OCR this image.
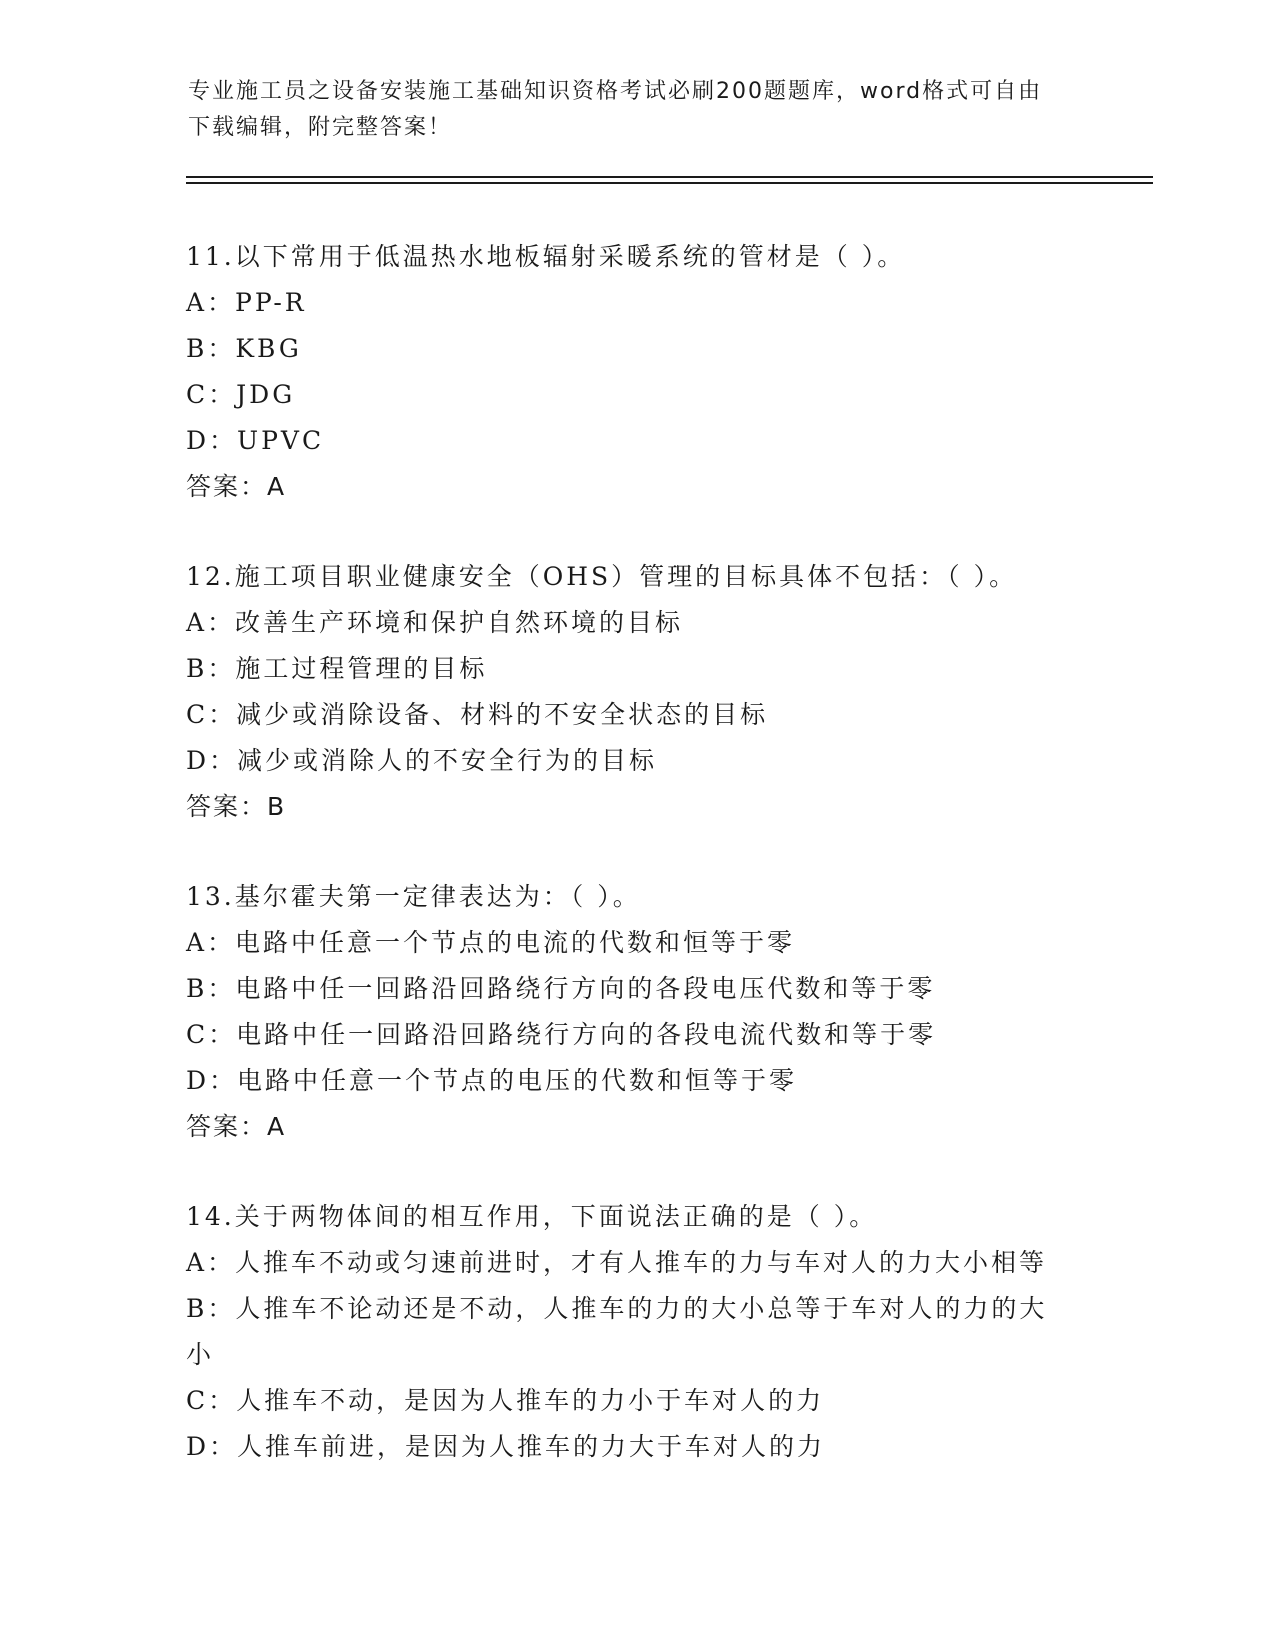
专业施工员之设备安装施工基础知识资格考试必刷200题题库，word格式可自由
下载编辑，附完整答案！
11.以下常用于低温热水地板辐射采暖系统的管材是（ ）。
A：PP-R
B：KBG
C：JDG
D：UPVC
答案：A
12.施工项目职业健康安全（OHS）管理的目标具体不包括：（ ）。
A：改善生产环境和保护自然环境的目标
B：施工过程管理的目标
C：减少或消除设备、材料的不安全状态的目标
D：减少或消除人的不安全行为的目标
答案：B
13.基尔霍夫第一定律表达为：（ ）。
A：电路中任意一个节点的电流的代数和恒等于零
B：电路中任一回路沿回路绕行方向的各段电压代数和等于零
C：电路中任一回路沿回路绕行方向的各段电流代数和等于零
D：电路中任意一个节点的电压的代数和恒等于零
答案：A
14.关于两物体间的相互作用，下面说法正确的是（ ）。
A：人推车不动或匀速前进时，才有人推车的力与车对人的力大小相等
B：人推车不论动还是不动，人推车的力的大小总等于车对人的力的大小
C：人推车不动，是因为人推车的力小于车对人的力
D：人推车前进，是因为人推车的力大于车对人的力
